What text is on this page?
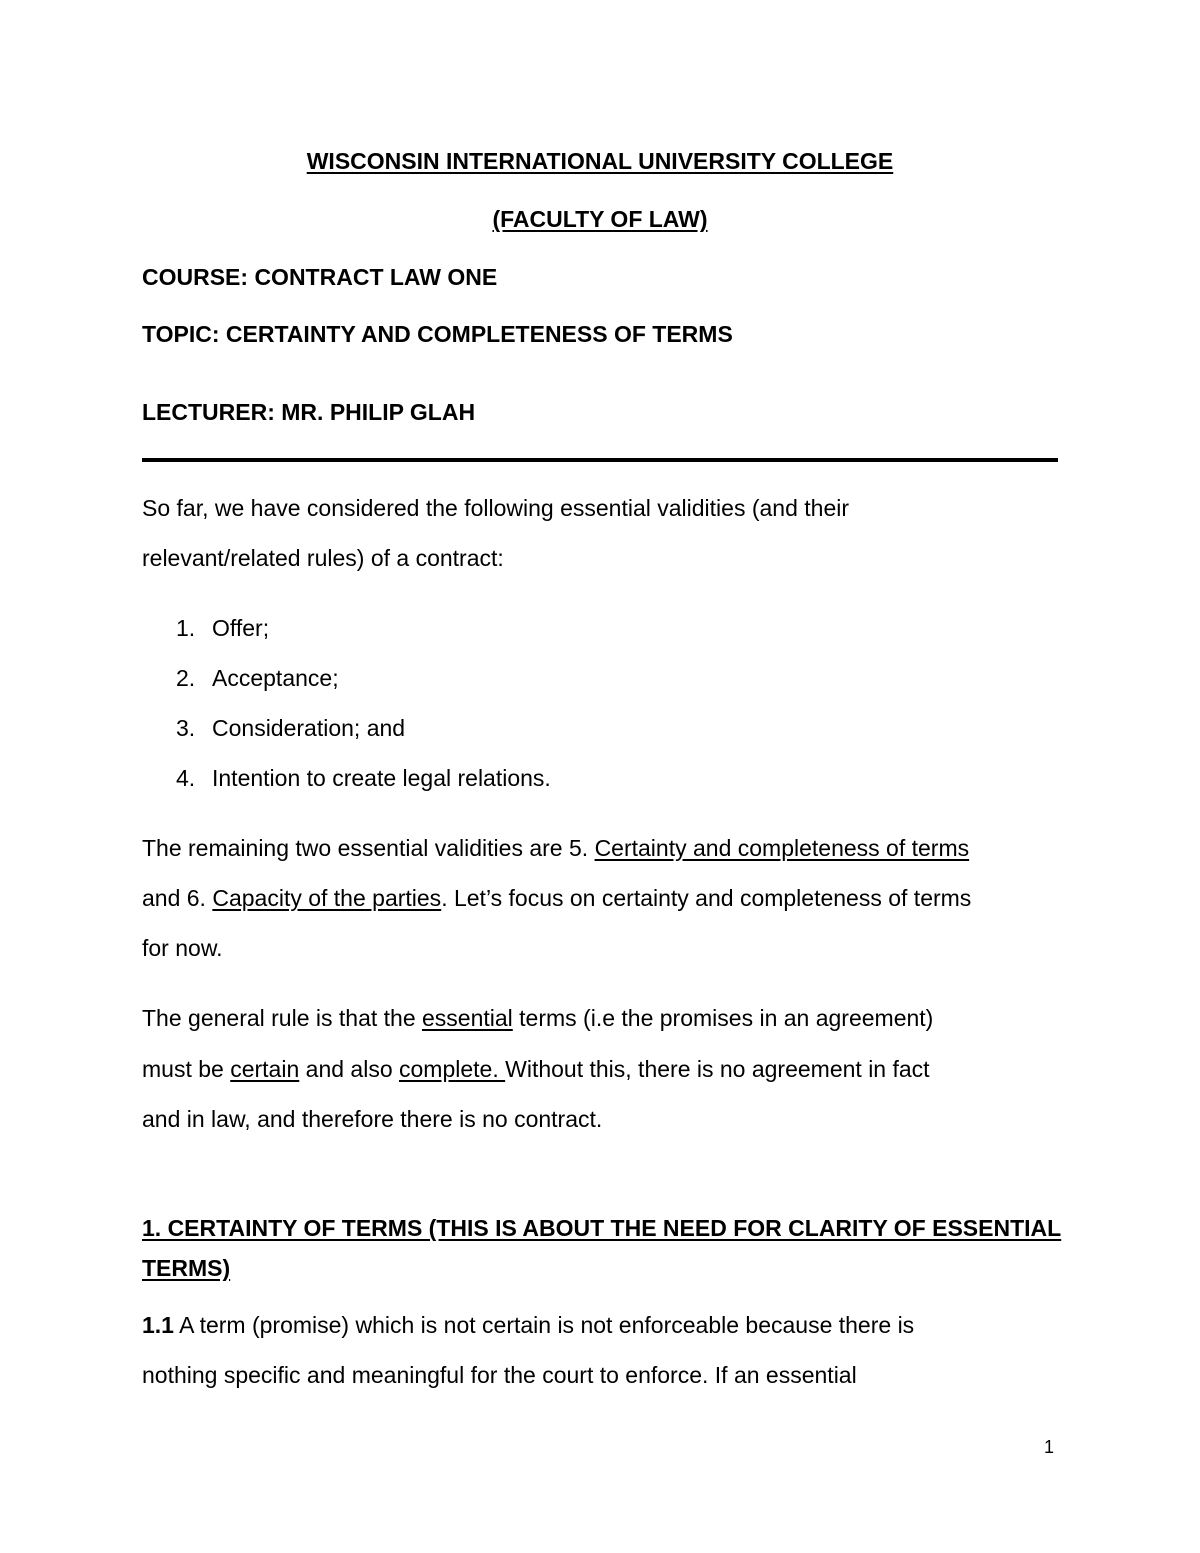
WISCONSIN INTERNATIONAL UNIVERSITY COLLEGE
(FACULTY OF LAW)
COURSE: CONTRACT LAW ONE
TOPIC: CERTAINTY AND COMPLETENESS OF TERMS
LECTURER: MR. PHILIP GLAH
So far, we have considered the following essential validities (and their
relevant/related rules) of a contract:
1. Offer;
2. Acceptance;
3. Consideration; and
4. Intention to create legal relations.
The remaining two essential validities are 5. Certainty and completeness of terms
and 6. Capacity of the parties. Let’s focus on certainty and completeness of terms
for now.
The general rule is that the essential terms (i.e the promises in an agreement)
must be certain and also complete. Without this, there is no agreement in fact
and in law, and therefore there is no contract.
1. CERTAINTY OF TERMS (THIS IS ABOUT THE NEED FOR CLARITY OF ESSENTIAL
TERMS)
1.1 A term (promise) which is not certain is not enforceable because there is
nothing specific and meaningful for the court to enforce. If an essential
1
